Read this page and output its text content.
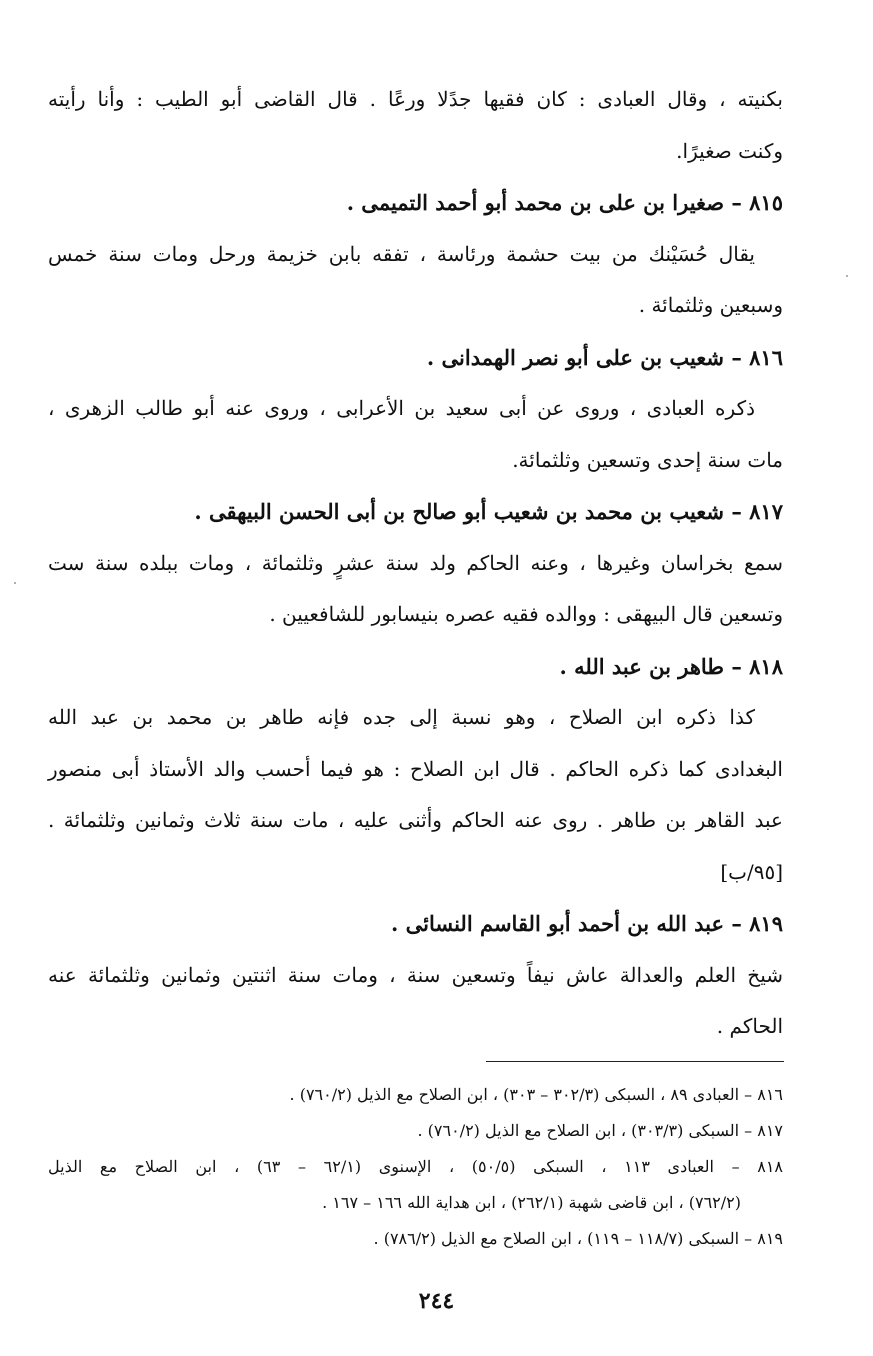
بكنيته ، وقال العبادى : كان فقيها جدًلا ورعًا . قال القاضى أبو الطيب : وأنا رأيته
وكنت صغيرًا.
٨١٥ – صغيرا بن على بن محمد أبو أحمد التميمى .
يقال حُسَيْنك من بيت حشمة ورئاسة ، تفقه بابن خزيمة ورحل ومات سنة خمس
وسبعين وثلثمائة .
٨١٦ – شعيب بن على أبو نصر الهمدانى .
ذكره العبادى ، وروى عن أبى سعيد بن الأعرابى ، وروى عنه أبو طالب الزهرى ،
مات سنة إحدى وتسعين وثلثمائة.
٨١٧ – شعيب بن محمد بن شعيب أبو صالح بن أبى الحسن البيهقى .
سمع بخراسان وغيرها ، وعنه الحاكم ولد سنة عشرٍ وثلثمائة ، ومات ببلده سنة ست
وتسعين قال البيهقى : ووالده فقيه عصره بنيسابور للشافعيين .
٨١٨ – طاهر بن عبد الله .
كذا ذكره ابن الصلاح ، وهو نسبة إلى جده فإنه طاهر بن محمد بن عبد الله
البغدادى كما ذكره الحاكم . قال ابن الصلاح : هو فيما أحسب والد الأستاذ أبى منصور
عبد القاهر بن طاهر . روى عنه الحاكم وأثنى عليه ، مات سنة ثلاث وثمانين وثلثمائة .
[٩٥/ب]
٨١٩ – عبد الله بن أحمد أبو القاسم النسائى .
شيخ العلم والعدالة عاش نيفاً وتسعين سنة ، ومات سنة اثنتين وثمانين وثلثمائة عنه
الحاكم .
٨١٦ – العبادى ٨٩ ، السبكى (٣٠٢/٣ – ٣٠٣) ، ابن الصلاح مع الذيل (٧٦٠/٢) .
٨١٧ – السبكى (٣٠٣/٣) ، ابن الصلاح مع الذيل (٧٦٠/٢) .
٨١٨ – العبادى ١١٣ ، السبكى (٥٠/٥) ، الإسنوى (٦٢/١ – ٦٣) ، ابن الصلاح مع الذيل
(٧٦٢/٢) ، ابن قاضى شهبة (٢٦٢/١) ، ابن هداية الله ١٦٦ – ١٦٧ .
٨١٩ – السبكى (١١٨/٧ – ١١٩) ، ابن الصلاح مع الذيل (٧٨٦/٢) .
٢٤٤
